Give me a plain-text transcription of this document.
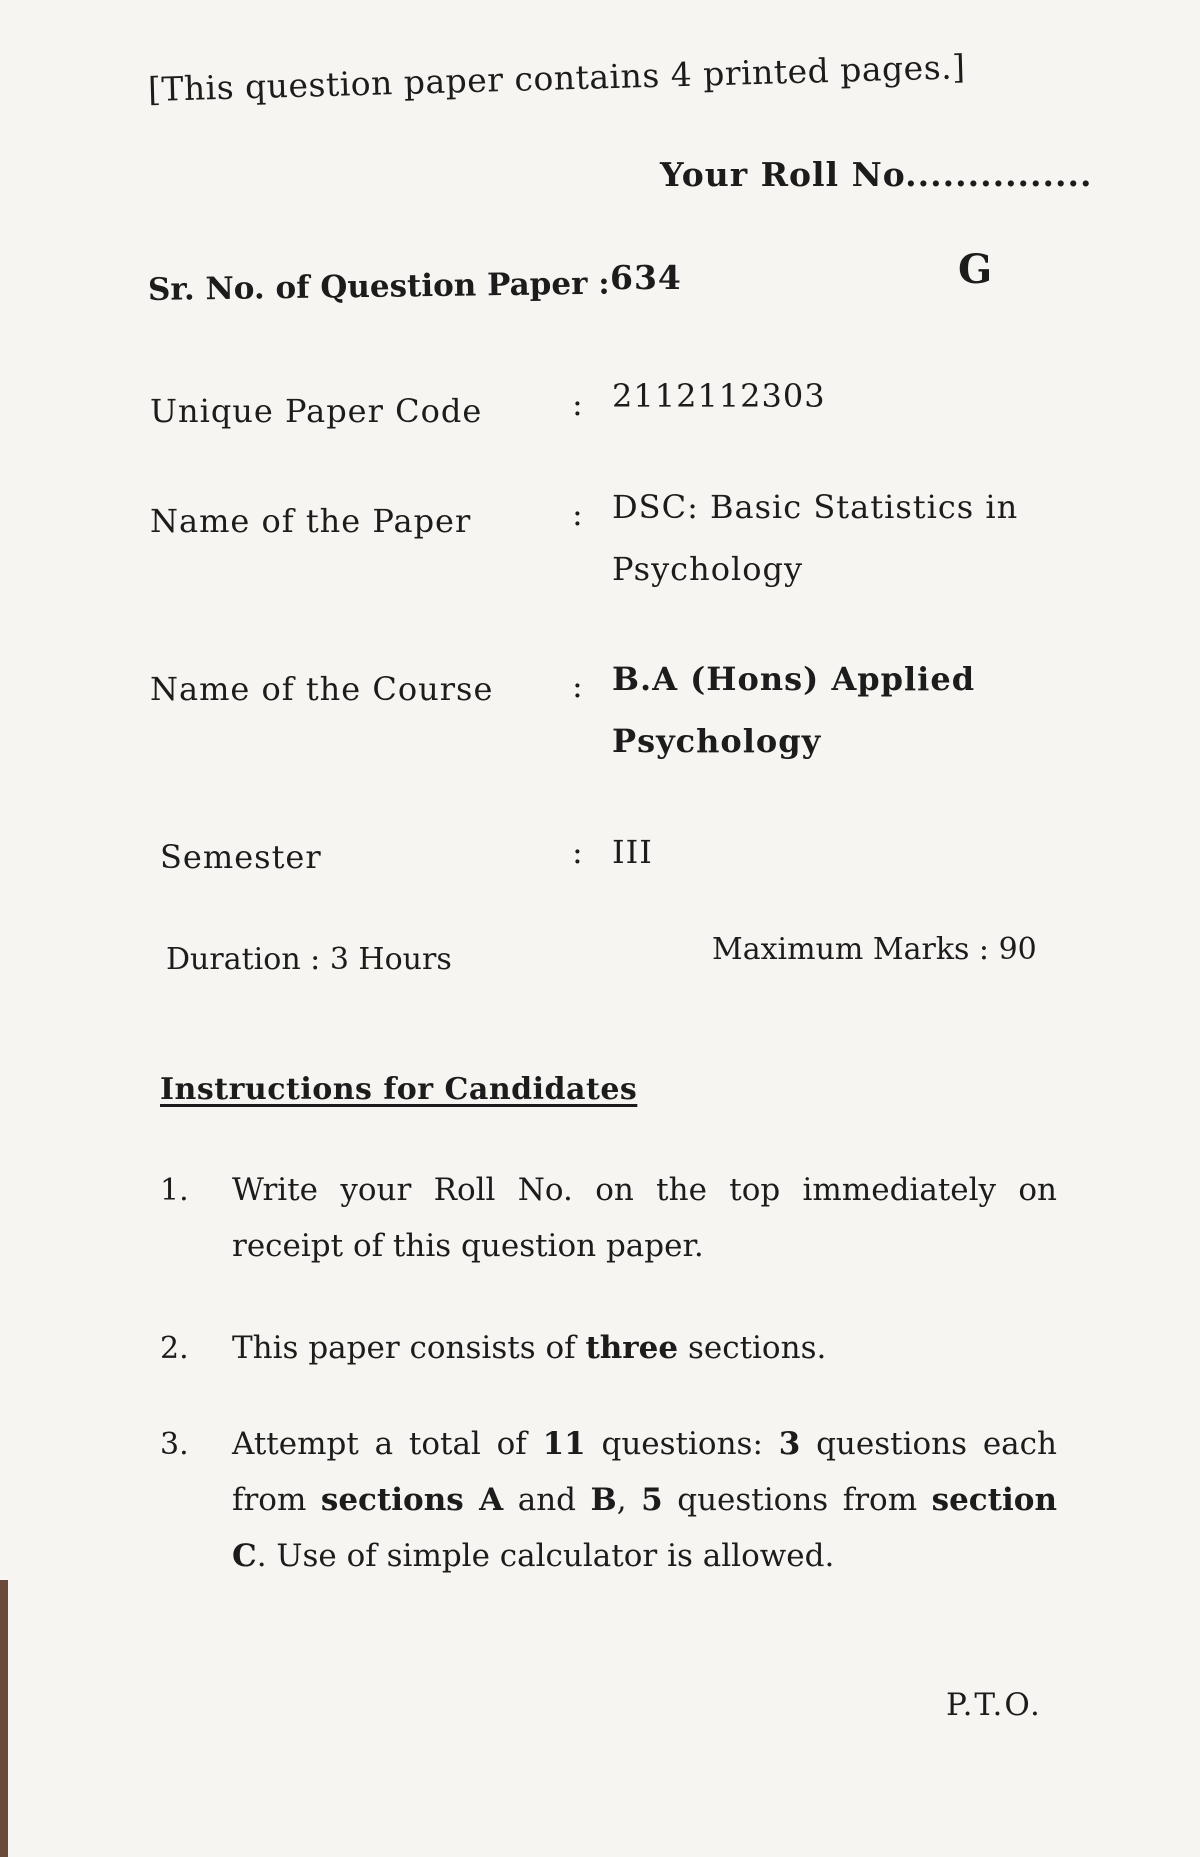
[This question paper contains 4 printed pages.]
Your Roll No...............
Sr. No. of Question Paper : 634	G
Unique Paper Code	: 2112112303
Name of the Paper	: DSC: Basic Statistics in
Psychology
Name of the Course : B.A (Hons) Applied
Psychology
Semester	: III
Duration : 3 Hours	Maximum Marks : 90
Instructions for Candidates
1. Write your Roll No. on the top immediately on receipt of this question paper.
2. This paper consists of three sections.
3. Attempt a total of 11 questions: 3 questions each from sections A and B, 5 questions from section C. Use of simple calculator is allowed.
P.T.O.
